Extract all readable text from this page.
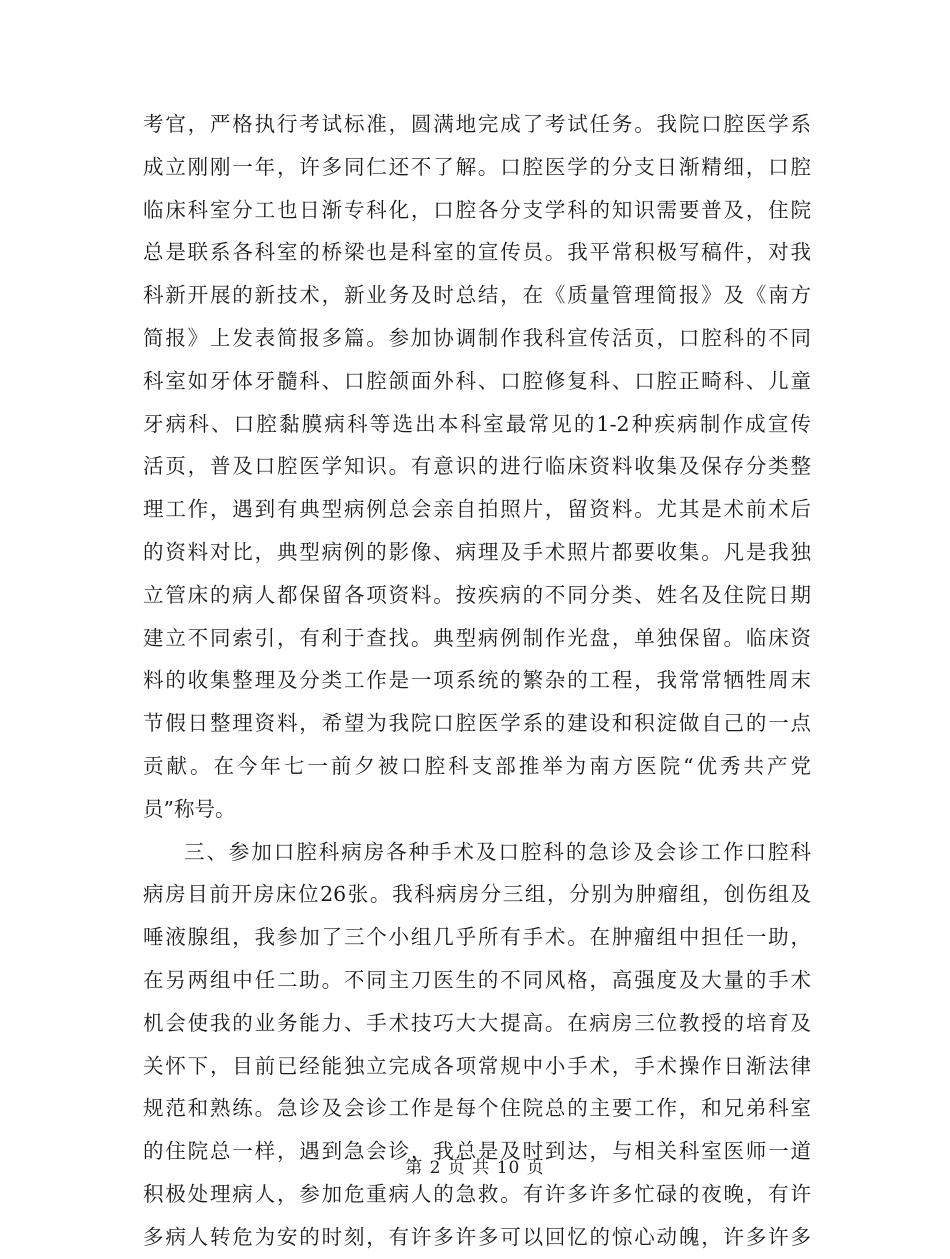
考官，严格执行考试标准，圆满地完成了考试任务。我院口腔医学系
成立刚刚一年，许多同仁还不了解。口腔医学的分支日渐精细，口腔
临床科室分工也日渐专科化，口腔各分支学科的知识需要普及，住院
总是联系各科室的桥梁也是科室的宣传员。我平常积极写稿件，对我
科新开展的新技术，新业务及时总结，在《质量管理简报》及《南方
简报》上发表简报多篇。参加协调制作我科宣传活页，口腔科的不同
科室如牙体牙髓科、口腔颌面外科、口腔修复科、口腔正畸科、儿童
牙病科、口腔黏膜病科等选出本科室最常见的1-2种疾病制作成宣传
活页，普及口腔医学知识。有意识的进行临床资料收集及保存分类整
理工作，遇到有典型病例总会亲自拍照片，留资料。尤其是术前术后
的资料对比，典型病例的影像、病理及手术照片都要收集。凡是我独
立管床的病人都保留各项资料。按疾病的不同分类、姓名及住院日期
建立不同索引，有利于查找。典型病例制作光盘，单独保留。临床资
料的收集整理及分类工作是一项系统的繁杂的工程，我常常牺牲周末
节假日整理资料，希望为我院口腔医学系的建设和积淀做自己的一点
贡献。在今年七一前夕被口腔科支部推举为南方医院“优秀共产党
员”称号。
三、参加口腔科病房各种手术及口腔科的急诊及会诊工作口腔科
病房目前开房床位26张。我科病房分三组，分别为肿瘤组，创伤组及
唾液腺组，我参加了三个小组几乎所有手术。在肿瘤组中担任一助，
在另两组中任二助。不同主刀医生的不同风格，高强度及大量的手术
机会使我的业务能力、手术技巧大大提高。在病房三位教授的培育及
关怀下，目前已经能独立完成各项常规中小手术，手术操作日渐法律
规范和熟练。急诊及会诊工作是每个住院总的主要工作，和兄弟科室
的住院总一样，遇到急会诊，我总是及时到达，与相关科室医师一道
积极处理病人，参加危重病人的急救。有许多许多忙碌的夜晚，有许
多病人转危为安的时刻，有许多许多可以回忆的惊心动魄，许多许多
第 2 页 共 10 页
